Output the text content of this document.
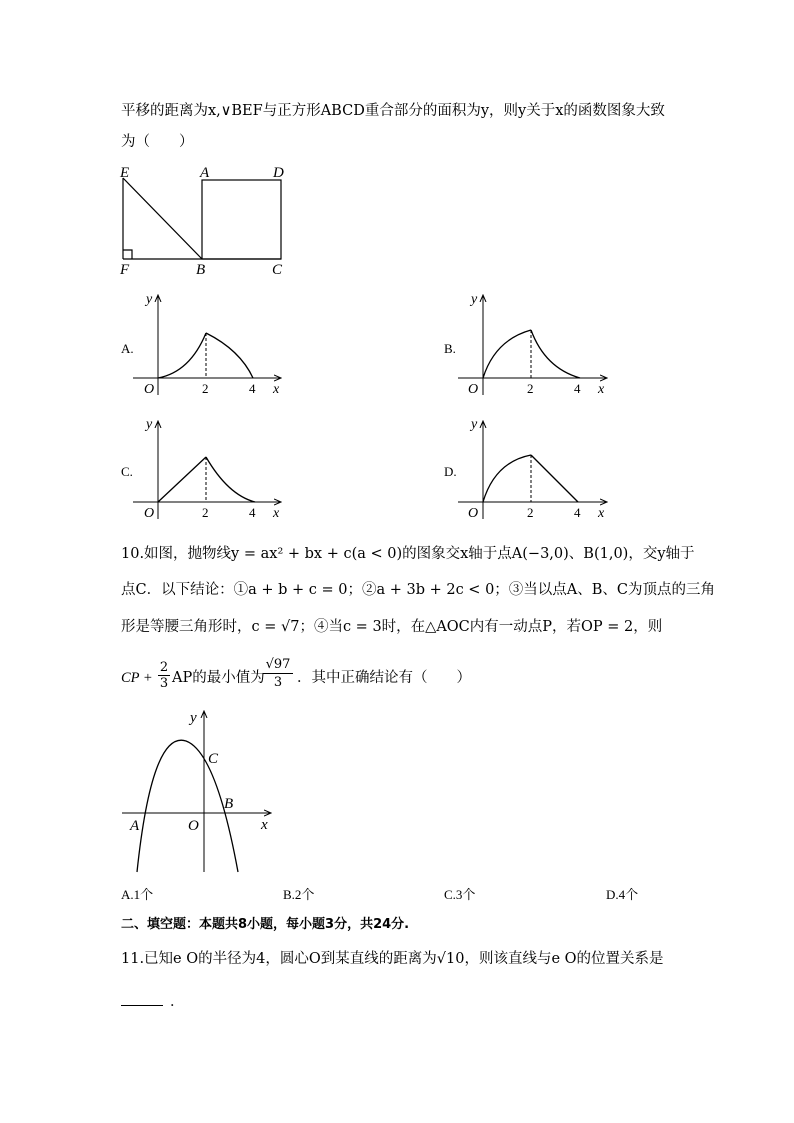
平移的距离为x,∨BEF与正方形ABCD重合部分的面积为y，则y关于x的函数图象大致
为（　　）
E	A	D
F	B	C
y
O	2	4 x
y
O	2	4 x
y
O	2	4 x
y
O	2	4 x
A.	B.
C.	D.
10.如图，抛物线y = ax² + bx + c(a < 0)的图象交x轴于点A(−3,0)、B(1,0)，交y轴于
点C．以下结论：①a + b + c = 0；②a + 3b + 2c < 0；③当以点A、B、C为顶点的三角
形是等腰三角形时，c = √7；④当c = 3时，在△AOC内有一动点P，若OP = 2，则
CP + $\frac{2}{3}$ AP的最小值为
$\frac{√97}{3}$ ．其中正确结论有（　　）
y
C
B
A	O	x
A.1个	B.2个	C.3个	D.4个
二、填空题：本题共8小题，每小题3分，共24分.
11.已知e O的半径为4，圆心O到某直线的距离为√10，则该直线与e O的位置关系是
．
